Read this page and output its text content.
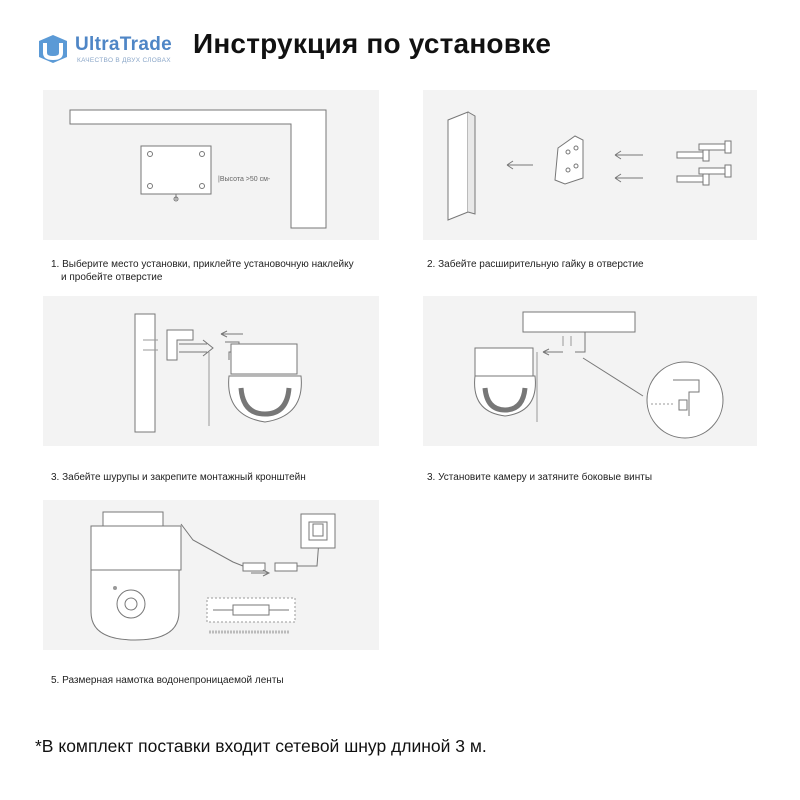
UltraTrade
КАЧЕСТВО В ДВУХ СЛОВАХ
Инструкция по установке
|Высота >50 см-
1. Выберите место установки, приклейте установочную наклейку
и пробейте отверстие
2. Забейте расширительную гайку в отверстие
3. Забейте шурупы и закрепите монтажный кронштейн	3. Установите камеру и затяните боковые винты
5. Размерная намотка водонепроницаемой ленты
*В комплект поставки входит сетевой шнур длиной 3 м.
